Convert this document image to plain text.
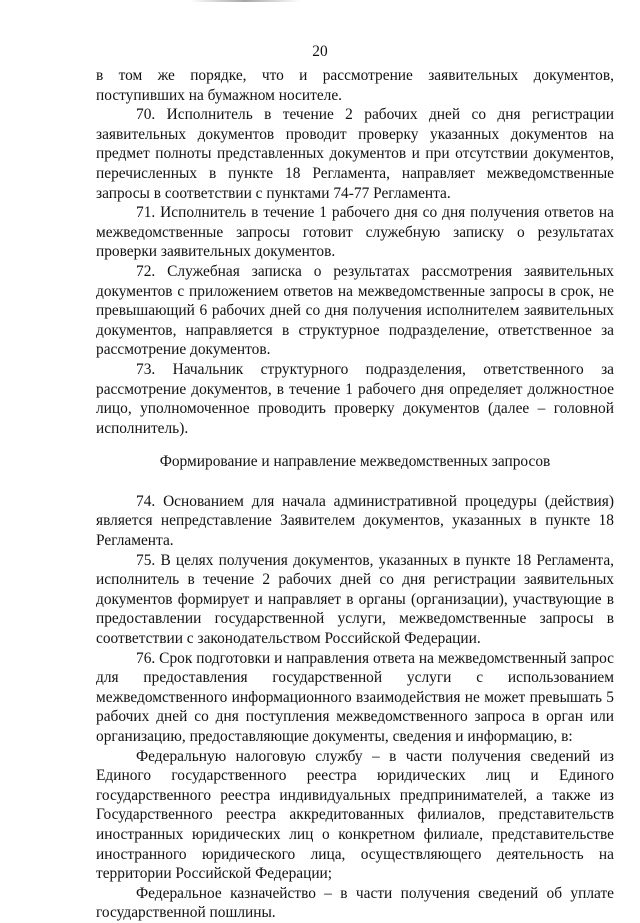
20

в том же порядке, что и рассмотрение заявительных документов, поступивших на бумажном носителе.

70. Исполнитель в течение 2 рабочих дней со дня регистрации заявительных документов проводит проверку указанных документов на предмет полноты представленных документов и при отсутствии документов, перечисленных в пункте 18 Регламента, направляет межведомственные запросы в соответствии с пунктами 74-77 Регламента.

71. Исполнитель в течение 1 рабочего дня со дня получения ответов на межведомственные запросы готовит служебную записку о результатах проверки заявительных документов.

72. Служебная записка о результатах рассмотрения заявительных документов с приложением ответов на межведомственные запросы в срок, не превышающий 6 рабочих дней со дня получения исполнителем заявительных документов, направляется в структурное подразделение, ответственное за рассмотрение документов.

73. Начальник структурного подразделения, ответственного за рассмотрение документов, в течение 1 рабочего дня определяет должностное лицо, уполномоченное проводить проверку документов (далее – головной исполнитель).

Формирование и направление межведомственных запросов

74. Основанием для начала административной процедуры (действия) является непредставление Заявителем документов, указанных в пункте 18 Регламента.

75. В целях получения документов, указанных в пункте 18 Регламента, исполнитель в течение 2 рабочих дней со дня регистрации заявительных документов формирует и направляет в органы (организации), участвующие в предоставлении государственной услуги, межведомственные запросы в соответствии с законодательством Российской Федерации.

76. Срок подготовки и направления ответа на межведомственный запрос для предоставления государственной услуги с использованием межведомственного информационного взаимодействия не может превышать 5 рабочих дней со дня поступления межведомственного запроса в орган или организацию, предоставляющие документы, сведения и информацию, в:

Федеральную налоговую службу – в части получения сведений из Единого государственного реестра юридических лиц и Единого государственного реестра индивидуальных предпринимателей, а также из Государственного реестра аккредитованных филиалов, представительств иностранных юридических лиц о конкретном филиале, представительстве иностранного юридического лица, осуществляющего деятельность на территории Российской Федерации;

Федеральное казначейство – в части получения сведений об уплате государственной пошлины.
